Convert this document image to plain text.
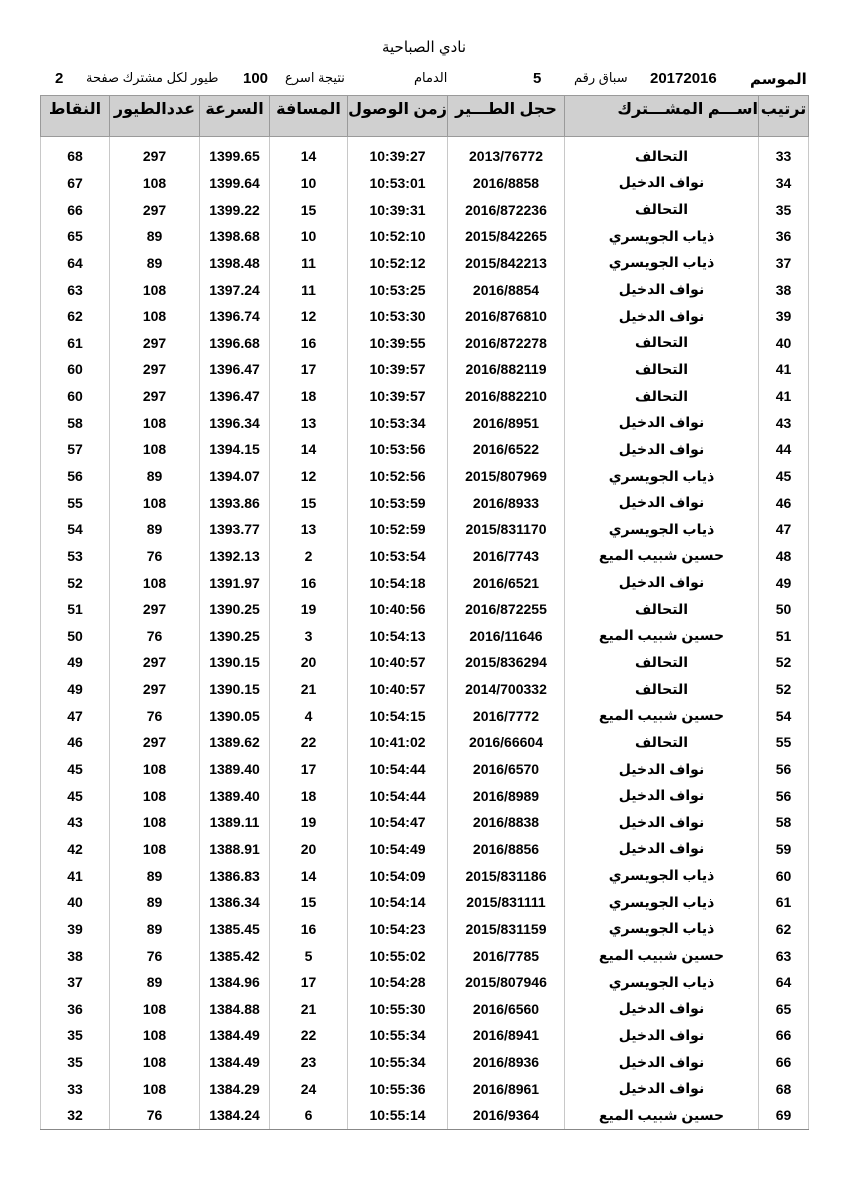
نادي الصباحية
2 طيور لكل مشترك صفحة 100 نتيجة اسرع	الدمام	5	سباق رقم 20172016 الموسم
ترتيب	اســـم المشـــترك	حجل الطـــير	زمن الوصول	المسافة	السرعة	عددالطيور	النقاط
33	التحالف	2013/76772	10:39:27	14	1399.65	297	68
34	نواف الدخيل	2016/8858	10:53:01	10	1399.64	108	67
35	التحالف	2016/872236	10:39:31	15	1399.22	297	66
36	ذياب الجويسري	2015/842265	10:52:10	10	1398.68	89	65
37	ذياب الجويسري	2015/842213	10:52:12	11	1398.48	89	64
38	نواف الدخيل	2016/8854	10:53:25	11	1397.24	108	63
39	نواف الدخيل	2016/876810	10:53:30	12	1396.74	108	62
40	التحالف	2016/872278	10:39:55	16	1396.68	297	61
41	التحالف	2016/882119	10:39:57	17	1396.47	297	60
41	التحالف	2016/882210	10:39:57	18	1396.47	297	60
43	نواف الدخيل	2016/8951	10:53:34	13	1396.34	108	58
44	نواف الدخيل	2016/6522	10:53:56	14	1394.15	108	57
45	ذياب الجويسري	2015/807969	10:52:56	12	1394.07	89	56
46	نواف الدخيل	2016/8933	10:53:59	15	1393.86	108	55
47	ذياب الجويسري	2015/831170	10:52:59	13	1393.77	89	54
48	حسين شبيب الميع	2016/7743	10:53:54	2	1392.13	76	53
49	نواف الدخيل	2016/6521	10:54:18	16	1391.97	108	52
50	التحالف	2016/872255	10:40:56	19	1390.25	297	51
51	حسين شبيب الميع	2016/11646	10:54:13	3	1390.25	76	50
52	التحالف	2015/836294	10:40:57	20	1390.15	297	49
52	التحالف	2014/700332	10:40:57	21	1390.15	297	49
54	حسين شبيب الميع	2016/7772	10:54:15	4	1390.05	76	47
55	التحالف	2016/66604	10:41:02	22	1389.62	297	46
56	نواف الدخيل	2016/6570	10:54:44	17	1389.40	108	45
56	نواف الدخيل	2016/8989	10:54:44	18	1389.40	108	45
58	نواف الدخيل	2016/8838	10:54:47	19	1389.11	108	43
59	نواف الدخيل	2016/8856	10:54:49	20	1388.91	108	42
60	ذياب الجويسري	2015/831186	10:54:09	14	1386.83	89	41
61	ذياب الجويسري	2015/831111	10:54:14	15	1386.34	89	40
62	ذياب الجويسري	2015/831159	10:54:23	16	1385.45	89	39
63	حسين شبيب الميع	2016/7785	10:55:02	5	1385.42	76	38
64	ذياب الجويسري	2015/807946	10:54:28	17	1384.96	89	37
65	نواف الدخيل	2016/6560	10:55:30	21	1384.88	108	36
66	نواف الدخيل	2016/8941	10:55:34	22	1384.49	108	35
66	نواف الدخيل	2016/8936	10:55:34	23	1384.49	108	35
68	نواف الدخيل	2016/8961	10:55:36	24	1384.29	108	33
69	حسين شبيب الميع	2016/9364	10:55:14	6	1384.24	76	32
